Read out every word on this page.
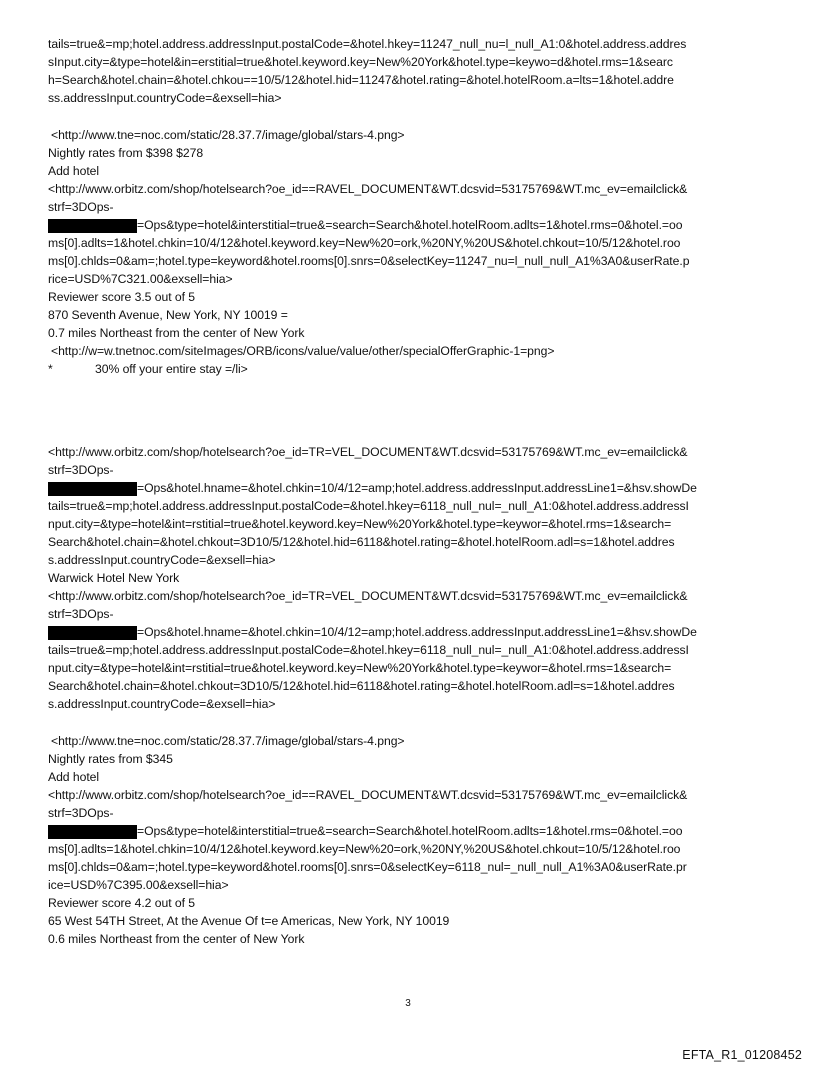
tails=true&=mp;hotel.address.addressInput.postalCode=&hotel.hkey=11247_null_nu=l_null_A1:0&hotel.address.addres
sInput.city=&type=hotel&in=erstitial=true&hotel.keyword.key=New%20York&hotel.type=keywo=d&hotel.rms=1&searc
h=Search&hotel.chain=&hotel.chkou==10/5/12&hotel.hid=11247&hotel.rating=&hotel.hotelRoom.a=lts=1&hotel.addre
ss.addressInput.countryCode=&exsell=hia>
<http://www.tne=noc.com/static/28.37.7/image/global/stars-4.png>
Nightly rates from $398 $278
Add hotel
<http://www.orbitz.com/shop/hotelsearch?oe_id==RAVEL_DOCUMENT&WT.dcsvid=53175769&WT.mc_ev=emailclick&
strf=3DOps-
=Ops&type=hotel&interstitial=true&=search=Search&hotel.hotelRoom.adlts=1&hotel.rms=0&hotel.=oo
ms[0].adlts=1&hotel.chkin=10/4/12&hotel.keyword.key=New%20=ork,%20NY,%20US&hotel.chkout=10/5/12&hotel.roo
ms[0].chlds=0&am=;hotel.type=keyword&hotel.rooms[0].snrs=0&selectKey=11247_nu=l_null_null_A1%3A0&userRate.p
rice=USD%7C321.00&exsell=hia>
Reviewer score 3.5 out of 5
870 Seventh Avenue, New York, NY 10019 =
0.7 miles Northeast from the center of New York
<http://w=w.tnetnoc.com/siteImages/ORB/icons/value/value/other/specialOfferGraphic-1=png>
*	30% off your entire stay =/li>
<http://www.orbitz.com/shop/hotelsearch?oe_id=TR=VEL_DOCUMENT&WT.dcsvid=53175769&WT.mc_ev=emailclick&
strf=3DOps-
=Ops&hotel.hname=&hotel.chkin=10/4/12=amp;hotel.address.addressInput.addressLine1=&hsv.showDe
tails=true&=mp;hotel.address.addressInput.postalCode=&hotel.hkey=6118_null_nul=_null_A1:0&hotel.address.addressI
nput.city=&type=hotel&int=rstitial=true&hotel.keyword.key=New%20York&hotel.type=keywor=&hotel.rms=1&search=
Search&hotel.chain=&hotel.chkout=3D10/5/12&hotel.hid=6118&hotel.rating=&hotel.hotelRoom.adl=s=1&hotel.addres
s.addressInput.countryCode=&exsell=hia>
Warwick Hotel New York
<http://www.orbitz.com/shop/hotelsearch?oe_id=TR=VEL_DOCUMENT&WT.dcsvid=53175769&WT.mc_ev=emailclick&
strf=3DOps-
=Ops&hotel.hname=&hotel.chkin=10/4/12=amp;hotel.address.addressInput.addressLine1=&hsv.showDe
tails=true&=mp;hotel.address.addressInput.postalCode=&hotel.hkey=6118_null_nul=_null_A1:0&hotel.address.addressI
nput.city=&type=hotel&int=rstitial=true&hotel.keyword.key=New%20York&hotel.type=keywor=&hotel.rms=1&search=
Search&hotel.chain=&hotel.chkout=3D10/5/12&hotel.hid=6118&hotel.rating=&hotel.hotelRoom.adl=s=1&hotel.addres
s.addressInput.countryCode=&exsell=hia>
<http://www.tne=noc.com/static/28.37.7/image/global/stars-4.png>
Nightly rates from $345
Add hotel
<http://www.orbitz.com/shop/hotelsearch?oe_id==RAVEL_DOCUMENT&WT.dcsvid=53175769&WT.mc_ev=emailclick&
strf=3DOps-
=Ops&type=hotel&interstitial=true&=search=Search&hotel.hotelRoom.adlts=1&hotel.rms=0&hotel.=oo
ms[0].adlts=1&hotel.chkin=10/4/12&hotel.keyword.key=New%20=ork,%20NY,%20US&hotel.chkout=10/5/12&hotel.roo
ms[0].chlds=0&am=;hotel.type=keyword&hotel.rooms[0].snrs=0&selectKey=6118_nul=_null_null_A1%3A0&userRate.pr
ice=USD%7C395.00&exsell=hia>
Reviewer score 4.2 out of 5
65 West 54TH Street, At the Avenue Of t=e Americas, New York, NY 10019
0.6 miles Northeast from the center of New York
3
EFTA_R1_01208452
